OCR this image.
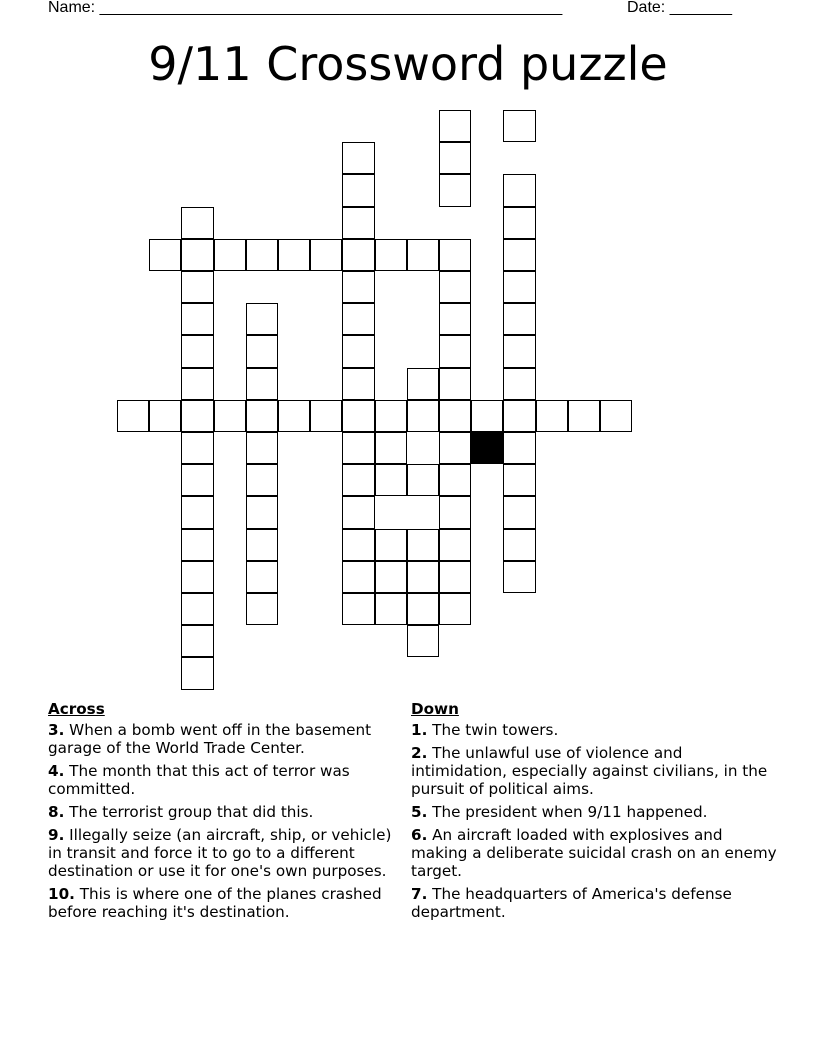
Name: ____________________________________________________	Date: _______
9/11 Crossword puzzle
Across
3. When a bomb went off in the basement garage of the World Trade Center.
4. The month that this act of terror was committed.
8. The terrorist group that did this.
9. Illegally seize (an aircraft, ship, or vehicle) in transit and force it to go to a different destination or use it for one's own purposes.
10. This is where one of the planes crashed before reaching it's destination.
Down
1. The twin towers.
2. The unlawful use of violence and intimidation, especially against civilians, in the pursuit of political aims.
5. The president when 9/11 happened.
6. An aircraft loaded with explosives and making a deliberate suicidal crash on an enemy target.
7. The headquarters of America's defense department.
